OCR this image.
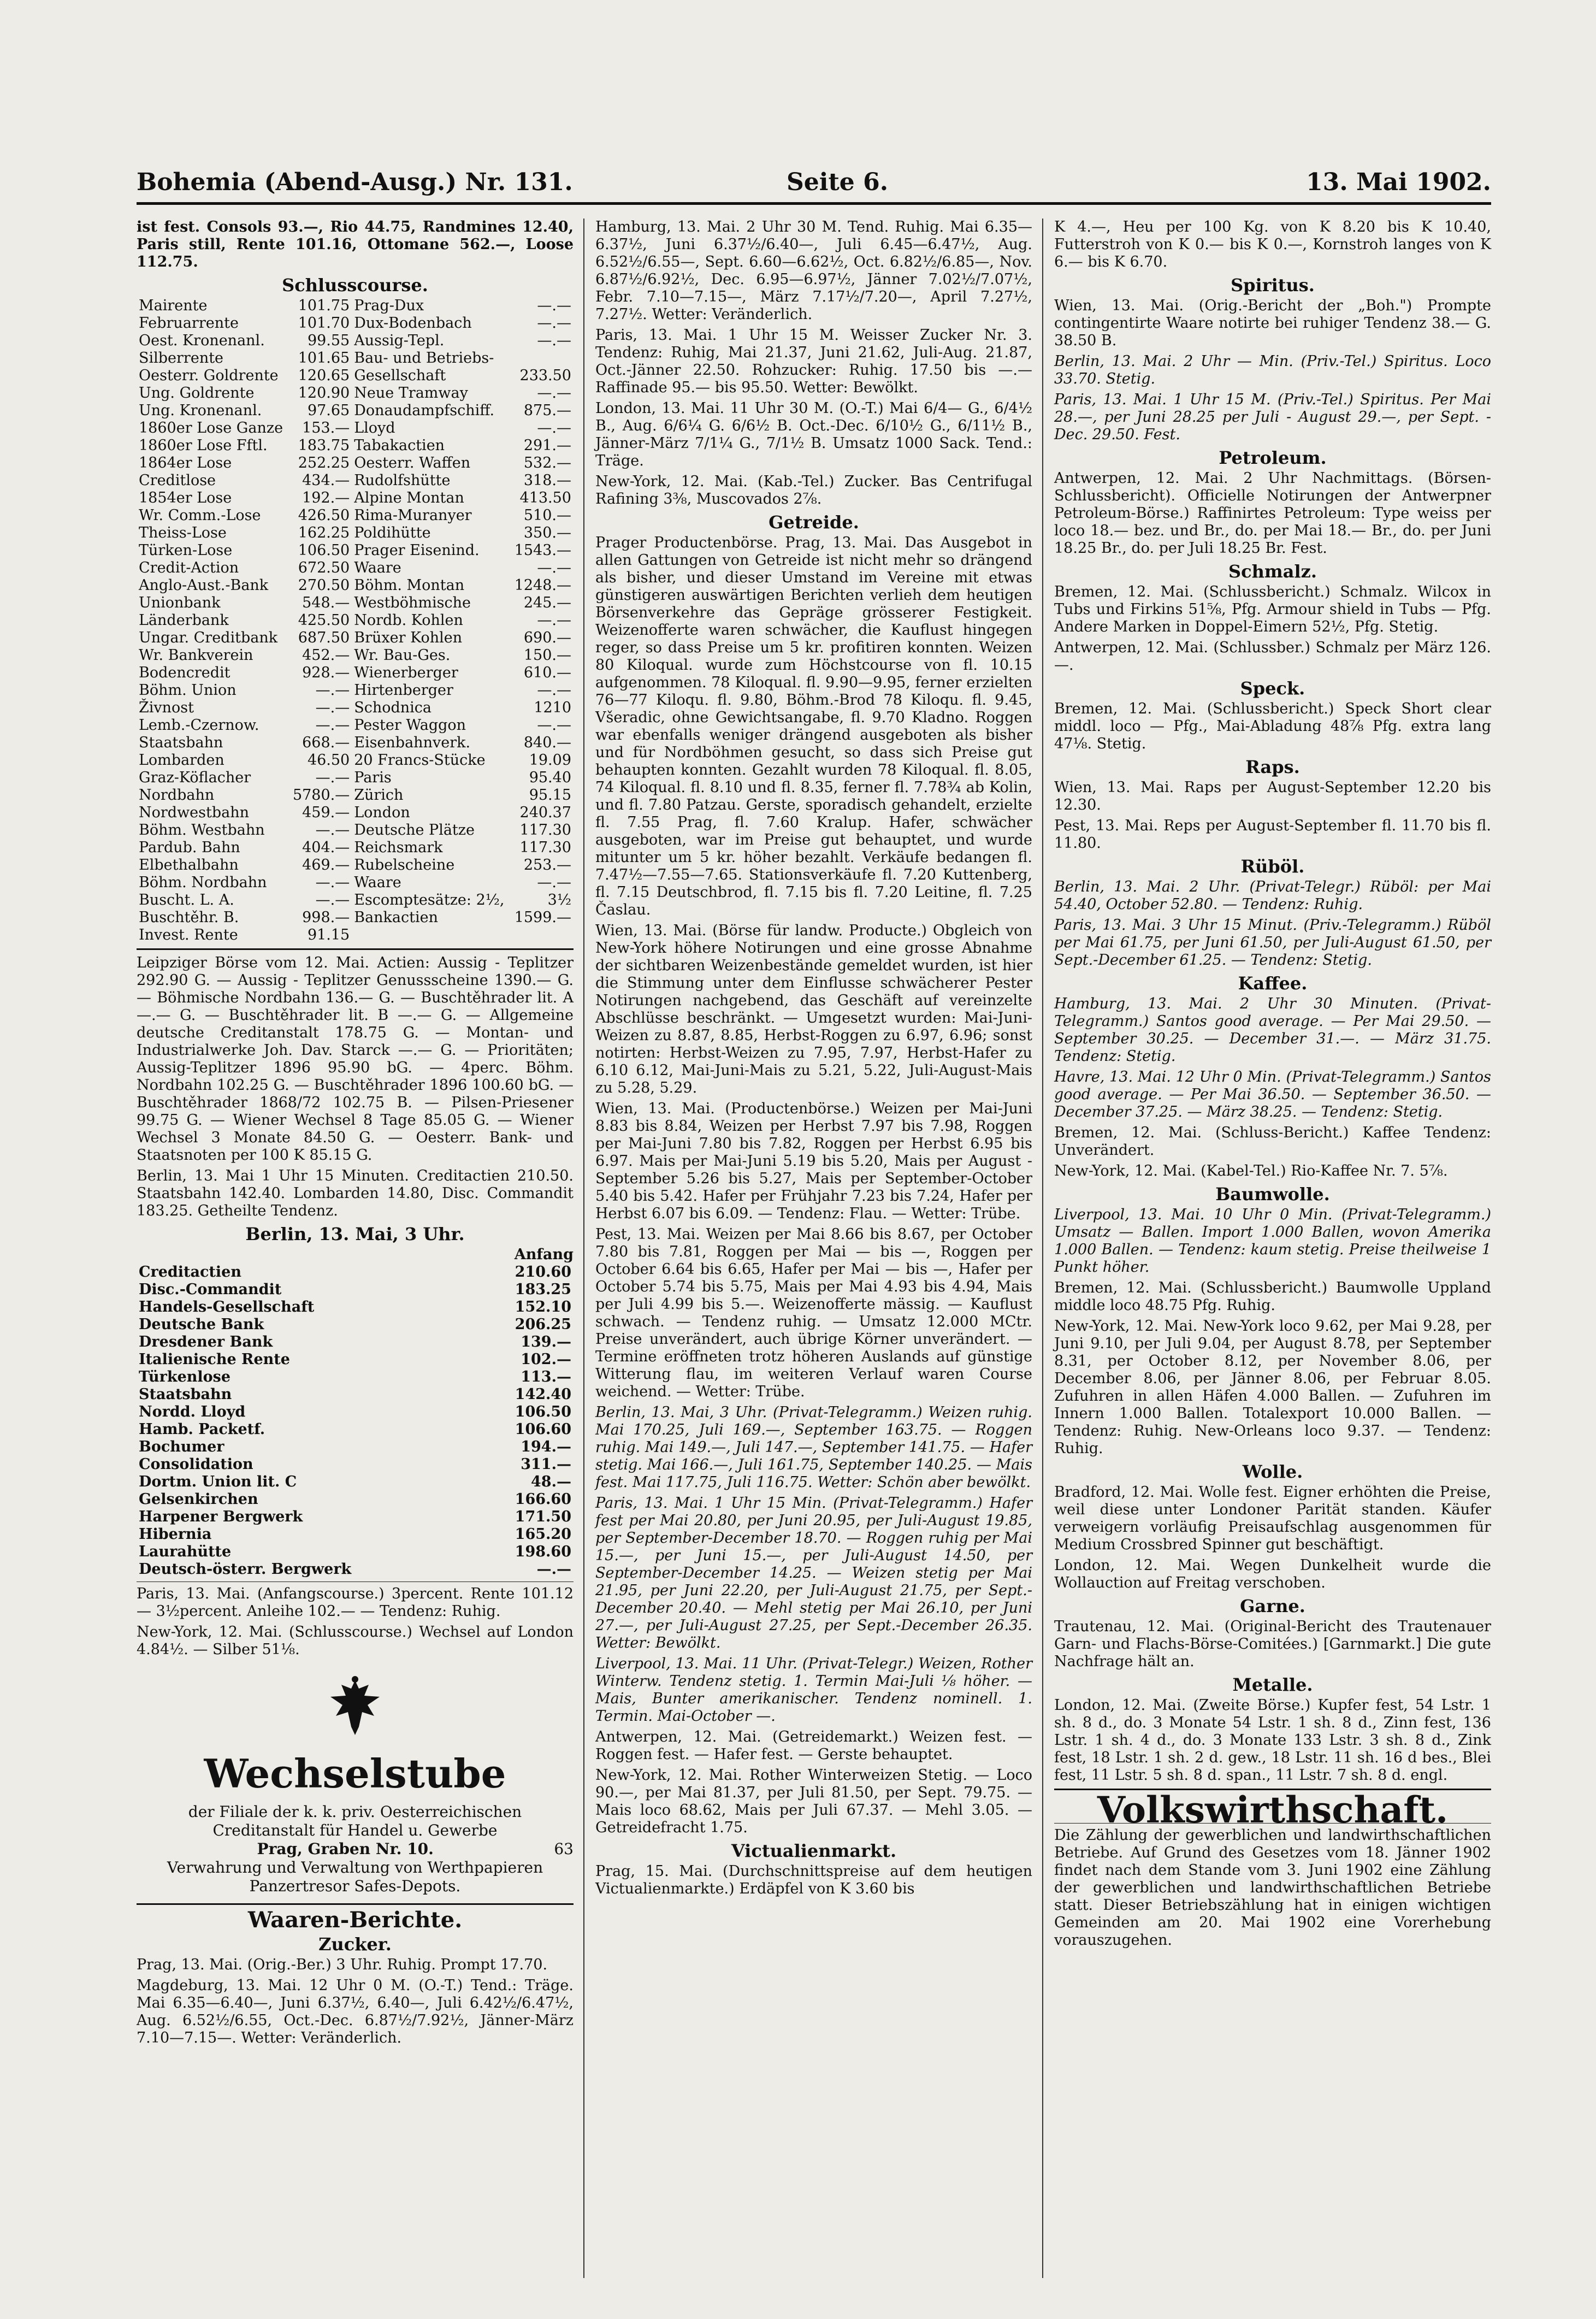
Bohemia (Abend-Ausg.) Nr. 131.	Seite 6.	13. Mai 1902.

ist fest. Consols 93.—, Rio 44.75, Randmines 12.40, Paris still, Rente 101.16, Ottomane 562.—, Loose 112.75.

Schlusscourse.
Mairente	101.75	Prag-Dux	—.—
Februarrente	101.70	Dux-Bodenbach	—.—
Oest. Kronenanl.	99.55	Aussig-Tepl.	—.—
Silberrente	101.65	Bau- und Betriebs-	
Oesterr. Goldrente	120.65	Gesellschaft	233.50
Ung. Goldrente	120.90	Neue Tramway	—.—
Ung. Kronenanl.	97.65	Donaudampfschiff.	875.—
1860er Lose Ganze	153.—	Lloyd	—.—
1860er Lose Fftl.	183.75	Tabakactien	291.—
1864er Lose	252.25	Oesterr. Waffen	532.—
Creditlose	434.—	Rudolfshütte	318.—
1854er Lose	192.—	Alpine Montan	413.50
Wr. Comm.-Lose	426.50	Rima-Muranyer	510.—
Theiss-Lose	162.25	Poldihütte	350.—
Türken-Lose	106.50	Prager Eisenind.	1543.—
Credit-Action	672.50	Waare	—.—
Anglo-Aust.-Bank	270.50	Böhm. Montan	1248.—
Unionbank	548.—	Westböhmische	245.—
Länderbank	425.50	Nordb. Kohlen	—.—
Ungar. Creditbank	687.50	Brüxer Kohlen	690.—
Wr. Bankverein	452.—	Wr. Bau-Ges.	150.—
Bodencredit	928.—	Wienerberger	610.—
Böhm. Union	—.—	Hirtenberger	—.—
Živnost	—.—	Schodnica	1210
Lemb.-Czernow.	—.—	Pester Waggon	—.—
Staatsbahn	668.—	Eisenbahnverk.	840.—
Lombarden	46.50	20 Francs-Stücke	19.09
Graz-Köflacher	—.—	Paris	95.40
Nordbahn	5780.—	Zürich	95.15
Nordwestbahn	459.—	London	240.37
Böhm. Westbahn	—.—	Deutsche Plätze	117.30
Pardub. Bahn	404.—	Reichsmark	117.30
Elbethalbahn	469.—	Rubelscheine	253.—
Böhm. Nordbahn	—.—	Waare	—.—
Buscht. L. A.	—.—	Escomptesätze: 2½,	3½
Buschtěhr. B.	998.—	Bankactien	1599.—
Invest. Rente	91.15		

Leipziger Börse vom 12. Mai. Actien: Aussig - Teplitzer 292.90 G. — Aussig - Teplitzer Genussscheine 1390.— G. — Böhmische Nordbahn 136.— G. — Buschtěhrader lit. A —.— G. — Buschtěhrader lit. B —.— G. — Allgemeine deutsche Creditanstalt 178.75 G. — Montan- und Industrialwerke Joh. Dav. Starck —.— G. — Prioritäten; Aussig-Teplitzer 1896 95.90 bG. — 4perc. Böhm. Nordbahn 102.25 G. — Buschtěhrader 1896 100.60 bG. — Buschtěhrader 1868/72 102.75 B. — Pilsen-Priesener 99.75 G. — Wiener Wechsel 8 Tage 85.05 G. — Wiener Wechsel 3 Monate 84.50 G. — Oesterr. Bank- und Staatsnoten per 100 K 85.15 G.

Berlin, 13. Mai 1 Uhr 15 Minuten. Creditactien 210.50. Staatsbahn 142.40. Lombarden 14.80, Disc. Commandit 183.25. Getheilte Tendenz.

Berlin, 13. Mai, 3 Uhr.
Anfang
Creditactien	210.60
Disc.-Commandit	183.25
Handels-Gesellschaft	152.10
Deutsche Bank	206.25
Dresdener Bank	139.—
Italienische Rente	102.—
Türkenlose	113.—
Staatsbahn	142.40
Nordd. Lloyd	106.50
Hamb. Packetf.	106.60
Bochumer	194.—
Consolidation	311.—
Dortm. Union lit. C	48.—
Gelsenkirchen	166.60
Harpener Bergwerk	171.50
Hibernia	165.20
Laurahütte	198.60
Deutsch-österr. Bergwerk	—.—

Paris, 13. Mai. (Anfangscourse.) 3percent. Rente 101.12 — 3½percent. Anleihe 102.— — Tendenz: Ruhig.

New-York, 12. Mai. (Schlusscourse.) Wechsel auf London 4.84½. — Silber 51⅛.

Wechselstube
der Filiale der k. k. priv. Oesterreichischen
Creditanstalt für Handel u. Gewerbe
Prag, Graben Nr. 10.	63
Verwahrung und Verwaltung von Werthpapieren
Panzertresor Safes-Depots.
Waaren-Berichte.
Zucker.

Prag, 13. Mai. (Orig.-Ber.) 3 Uhr. Ruhig. Prompt 17.70.

Magdeburg, 13. Mai. 12 Uhr 0 M. (O.-T.) Tend.: Träge. Mai 6.35—6.40—, Juni 6.37½, 6.40—, Juli 6.42½/6.47½, Aug. 6.52½/6.55, Oct.-Dec. 6.87½/7.92½, Jänner-März 7.10—7.15—. Wetter: Veränderlich.

Hamburg, 13. Mai. 2 Uhr 30 M. Tend. Ruhig. Mai 6.35—6.37½, Juni 6.37½/6.40—, Juli 6.45—6.47½, Aug. 6.52½/6.55—, Sept. 6.60—6.62½, Oct. 6.82½/6.85—, Nov. 6.87½/6.92½, Dec. 6.95—6.97½, Jänner 7.02½/7.07½, Febr. 7.10—7.15—, März 7.17½/7.20—, April 7.27½, 7.27½. Wetter: Veränderlich.

Paris, 13. Mai. 1 Uhr 15 M. Weisser Zucker Nr. 3. Tendenz: Ruhig, Mai 21.37, Juni 21.62, Juli-Aug. 21.87, Oct.-Jänner 22.50. Rohzucker: Ruhig. 17.50 bis —.— Raffinade 95.— bis 95.50. Wetter: Bewölkt.

London, 13. Mai. 11 Uhr 30 M. (O.-T.) Mai 6/4— G., 6/4½ B., Aug. 6/6¼ G. 6/6½ B. Oct.-Dec. 6/10½ G., 6/11½ B., Jänner-März 7/1¼ G., 7/1½ B. Umsatz 1000 Sack. Tend.: Träge.

New-York, 12. Mai. (Kab.-Tel.) Zucker. Bas Centrifugal Rafining 3⅜, Muscovados 2⅞.

Getreide.

Prager Productenbörse. Prag, 13. Mai. Das Ausgebot in allen Gattungen von Getreide ist nicht mehr so drängend als bisher, und dieser Umstand im Vereine mit etwas günstigeren auswärtigen Berichten verlieh dem heutigen Börsenverkehre das Gepräge grösserer Festigkeit. Weizenofferte waren schwächer, die Kauflust hingegen reger, so dass Preise um 5 kr. profitiren konnten. Weizen 80 Kiloqual. wurde zum Höchstcourse von fl. 10.15 aufgenommen. 78 Kiloqual. fl. 9.90—9.95, ferner erzielten 76—77 Kiloqu. fl. 9.80, Böhm.-Brod 78 Kiloqu. fl. 9.45, Všeradic, ohne Gewichtsangabe, fl. 9.70 Kladno. Roggen war ebenfalls weniger drängend ausgeboten als bisher und für Nordböhmen gesucht, so dass sich Preise gut behaupten konnten. Gezahlt wurden 78 Kiloqual. fl. 8.05, 74 Kiloqual. fl. 8.10 und fl. 8.35, ferner fl. 7.78¾ ab Kolin, und fl. 7.80 Patzau. Gerste, sporadisch gehandelt, erzielte fl. 7.55 Prag, fl. 7.60 Kralup. Hafer, schwächer ausgeboten, war im Preise gut behauptet, und wurde mitunter um 5 kr. höher bezahlt. Verkäufe bedangen fl. 7.47½—7.55—7.65. Stationsverkäufe fl. 7.20 Kuttenberg, fl. 7.15 Deutschbrod, fl. 7.15 bis fl. 7.20 Leitine, fl. 7.25 Časlau.

Wien, 13. Mai. (Börse für landw. Producte.) Obgleich von New-York höhere Notirungen und eine grosse Abnahme der sichtbaren Weizenbestände gemeldet wurden, ist hier die Stimmung unter dem Einflusse schwächerer Pester Notirungen nachgebend, das Geschäft auf vereinzelte Abschlüsse beschränkt. — Umgesetzt wurden: Mai-Juni-Weizen zu 8.87, 8.85, Herbst-Roggen zu 6.97, 6.96; sonst notirten: Herbst-Weizen zu 7.95, 7.97, Herbst-Hafer zu 6.10 6.12, Mai-Juni-Mais zu 5.21, 5.22, Juli-August-Mais zu 5.28, 5.29.

Wien, 13. Mai. (Productenbörse.) Weizen per Mai-Juni 8.83 bis 8.84, Weizen per Herbst 7.97 bis 7.98, Roggen per Mai-Juni 7.80 bis 7.82, Roggen per Herbst 6.95 bis 6.97. Mais per Mai-Juni 5.19 bis 5.20, Mais per August - September 5.26 bis 5.27, Mais per September-October 5.40 bis 5.42. Hafer per Frühjahr 7.23 bis 7.24, Hafer per Herbst 6.07 bis 6.09. — Tendenz: Flau. — Wetter: Trübe.

Pest, 13. Mai. Weizen per Mai 8.66 bis 8.67, per October 7.80 bis 7.81, Roggen per Mai — bis —, Roggen per October 6.64 bis 6.65, Hafer per Mai — bis —, Hafer per October 5.74 bis 5.75, Mais per Mai 4.93 bis 4.94, Mais per Juli 4.99 bis 5.—. Weizenofferte mässig. — Kauflust schwach. — Tendenz ruhig. — Umsatz 12.000 MCtr. Preise unverändert, auch übrige Körner unverändert. — Termine eröffneten trotz höheren Auslands auf günstige Witterung flau, im weiteren Verlauf waren Course weichend. — Wetter: Trübe.

Berlin, 13. Mai, 3 Uhr. (Privat-Telegramm.) Weizen ruhig. Mai 170.25, Juli 169.—, September 163.75. — Roggen ruhig. Mai 149.—, Juli 147.—, September 141.75. — Hafer stetig. Mai 166.—, Juli 161.75, September 140.25. — Mais fest. Mai 117.75, Juli 116.75. Wetter: Schön aber bewölkt.

Paris, 13. Mai. 1 Uhr 15 Min. (Privat-Telegramm.) Hafer fest per Mai 20.80, per Juni 20.95, per Juli-August 19.85, per September-December 18.70. — Roggen ruhig per Mai 15.—, per Juni 15.—, per Juli-August 14.50, per September-December 14.25. — Weizen stetig per Mai 21.95, per Juni 22.20, per Juli-August 21.75, per Sept.-December 20.40. — Mehl stetig per Mai 26.10, per Juni 27.—, per Juli-August 27.25, per Sept.-December 26.35. Wetter: Bewölkt.

Liverpool, 13. Mai. 11 Uhr. (Privat-Telegr.) Weizen, Rother Winterw. Tendenz stetig. 1. Termin Mai-Juli ⅛ höher. — Mais, Bunter amerikanischer. Tendenz nominell. 1. Termin. Mai-October —.

Antwerpen, 12. Mai. (Getreidemarkt.) Weizen fest. — Roggen fest. — Hafer fest. — Gerste behauptet.

New-York, 12. Mai. Rother Winterweizen Stetig. — Loco 90.—, per Mai 81.37, per Juli 81.50, per Sept. 79.75. — Mais loco 68.62, Mais per Juli 67.37. — Mehl 3.05. — Getreidefracht 1.75.

Victualienmarkt.

Prag, 15. Mai. (Durchschnittspreise auf dem heutigen Victualienmarkte.) Erdäpfel von K 3.60 bis

K 4.—, Heu per 100 Kg. von K 8.20 bis K 10.40, Futterstroh von K 0.— bis K 0.—, Kornstroh langes von K 6.— bis K 6.70.

Spiritus.

Wien, 13. Mai. (Orig.-Bericht der „Boh.") Prompte contingentirte Waare notirte bei ruhiger Tendenz 38.— G. 38.50 B.

Berlin, 13. Mai. 2 Uhr — Min. (Priv.-Tel.) Spiritus. Loco 33.70. Stetig.

Paris, 13. Mai. 1 Uhr 15 M. (Priv.-Tel.) Spiritus. Per Mai 28.—, per Juni 28.25 per Juli - August 29.—, per Sept. - Dec. 29.50. Fest.

Petroleum.

Antwerpen, 12. Mai. 2 Uhr Nachmittags. (Börsen-Schlussbericht). Officielle Notirungen der Antwerpner Petroleum-Börse.) Raffinirtes Petroleum: Type weiss per loco 18.— bez. und Br., do. per Mai 18.— Br., do. per Juni 18.25 Br., do. per Juli 18.25 Br. Fest.

Schmalz.

Bremen, 12. Mai. (Schlussbericht.) Schmalz. Wilcox in Tubs und Firkins 51⅝, Pfg. Armour shield in Tubs — Pfg. Andere Marken in Doppel-Eimern 52½, Pfg. Stetig.

Antwerpen, 12. Mai. (Schlussber.) Schmalz per März 126.—.

Speck.

Bremen, 12. Mai. (Schlussbericht.) Speck Short clear middl. loco — Pfg., Mai-Abladung 48⅞ Pfg. extra lang 47⅛. Stetig.

Raps.

Wien, 13. Mai. Raps per August-September 12.20 bis 12.30.

Pest, 13. Mai. Reps per August-September fl. 11.70 bis fl. 11.80.

Rüböl.

Berlin, 13. Mai. 2 Uhr. (Privat-Telegr.) Rüböl: per Mai 54.40, October 52.80. — Tendenz: Ruhig.

Paris, 13. Mai. 3 Uhr 15 Minut. (Priv.-Telegramm.) Rüböl per Mai 61.75, per Juni 61.50, per Juli-August 61.50, per Sept.-December 61.25. — Tendenz: Stetig.

Kaffee.

Hamburg, 13. Mai. 2 Uhr 30 Minuten. (Privat-Telegramm.) Santos good average. — Per Mai 29.50. — September 30.25. — December 31.—. — März 31.75. Tendenz: Stetig.

Havre, 13. Mai. 12 Uhr 0 Min. (Privat-Telegramm.) Santos good average. — Per Mai 36.50. — September 36.50. — December 37.25. — März 38.25. — Tendenz: Stetig.

Bremen, 12. Mai. (Schluss-Bericht.) Kaffee Tendenz: Unverändert.

New-York, 12. Mai. (Kabel-Tel.) Rio-Kaffee Nr. 7. 5⅞.

Baumwolle.

Liverpool, 13. Mai. 10 Uhr 0 Min. (Privat-Telegramm.) Umsatz — Ballen. Import 1.000 Ballen, wovon Amerika 1.000 Ballen. — Tendenz: kaum stetig. Preise theilweise 1 Punkt höher.

Bremen, 12. Mai. (Schlussbericht.) Baumwolle Uppland middle loco 48.75 Pfg. Ruhig.

New-York, 12. Mai. New-York loco 9.62, per Mai 9.28, per Juni 9.10, per Juli 9.04, per August 8.78, per September 8.31, per October 8.12, per November 8.06, per December 8.06, per Jänner 8.06, per Februar 8.05. Zufuhren in allen Häfen 4.000 Ballen. — Zufuhren im Innern 1.000 Ballen. Totalexport 10.000 Ballen. — Tendenz: Ruhig. New-Orleans loco 9.37. — Tendenz: Ruhig.

Wolle.

Bradford, 12. Mai. Wolle fest. Eigner erhöhten die Preise, weil diese unter Londoner Parität standen. Käufer verweigern vorläufig Preisaufschlag ausgenommen für Medium Crossbred Spinner gut beschäftigt.

London, 12. Mai. Wegen Dunkelheit wurde die Wollauction auf Freitag verschoben.

Garne.

Trautenau, 12. Mai. (Original-Bericht des Trautenauer Garn- und Flachs-Börse-Comitées.) [Garnmarkt.] Die gute Nachfrage hält an.

Metalle.

London, 12. Mai. (Zweite Börse.) Kupfer fest, 54 Lstr. 1 sh. 8 d., do. 3 Monate 54 Lstr. 1 sh. 8 d., Zinn fest, 136 Lstr. 1 sh. 4 d., do. 3 Monate 133 Lstr. 3 sh. 8 d., Zink fest, 18 Lstr. 1 sh. 2 d. gew., 18 Lstr. 11 sh. 16 d bes., Blei fest, 11 Lstr. 5 sh. 8 d. span., 11 Lstr. 7 sh. 8 d. engl.

Volkswirthschaft.

Die Zählung der gewerblichen und landwirthschaftlichen Betriebe. Auf Grund des Gesetzes vom 18. Jänner 1902 findet nach dem Stande vom 3. Juni 1902 eine Zählung der gewerblichen und landwirthschaftlichen Betriebe statt. Dieser Betriebszählung hat in einigen wichtigen Gemeinden am 20. Mai 1902 eine Vorerhebung vorauszugehen.
